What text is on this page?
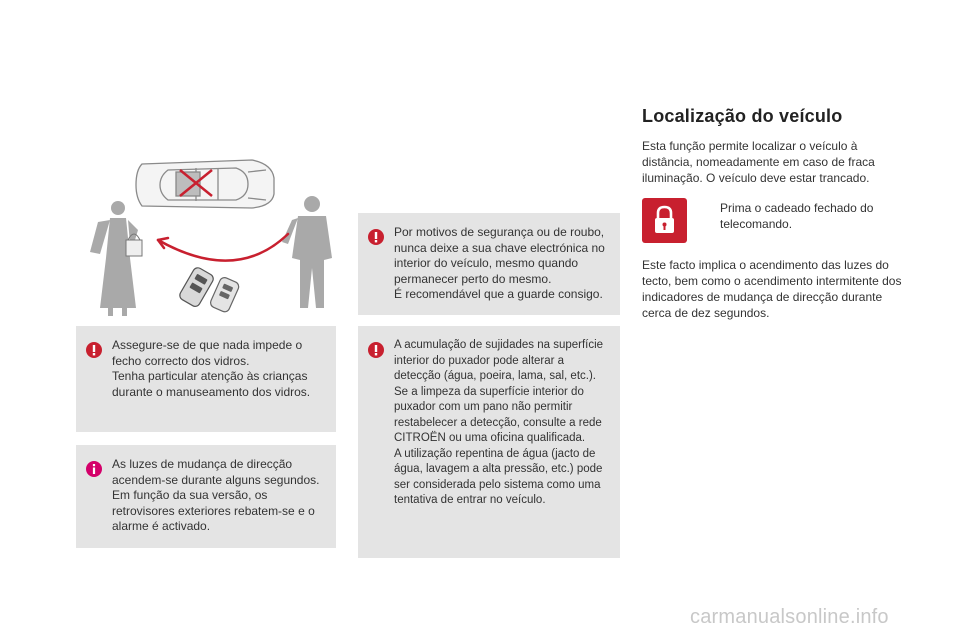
Assegure-se de que nada impede o fecho correcto dos vidros.

Tenha particular atenção às crianças durante o manuseamento dos vidros.

As luzes de mudança de direcção acendem-se durante alguns segundos.

Em função da sua versão, os retrovisores exteriores rebatem-se e o alarme é activado.

Por motivos de segurança ou de roubo, nunca deixe a sua chave electrónica no interior do veículo, mesmo quando permanecer perto do mesmo.

É recomendável que a guarde consigo.

A acumulação de sujidades na superfície interior do puxador pode alterar a detecção (água, poeira, lama, sal, etc.).

Se a limpeza da superfície interior do puxador com um pano não permitir restabelecer a detecção, consulte a rede CITROËN ou uma oficina qualificada.

A utilização repentina de água (jacto de água, lavagem a alta pressão, etc.) pode ser considerada pelo sistema como uma tentativa de entrar no veículo.

Localização do veículo

Esta função permite localizar o veículo à distância, nomeadamente em caso de fraca iluminação. O veículo deve estar trancado.

Prima o cadeado fechado do telecomando.

Este facto implica o acendimento das luzes do tecto, bem como o acendimento intermitente dos indicadores de mudança de direcção durante cerca de dez segundos.

carmanualsonline.info
